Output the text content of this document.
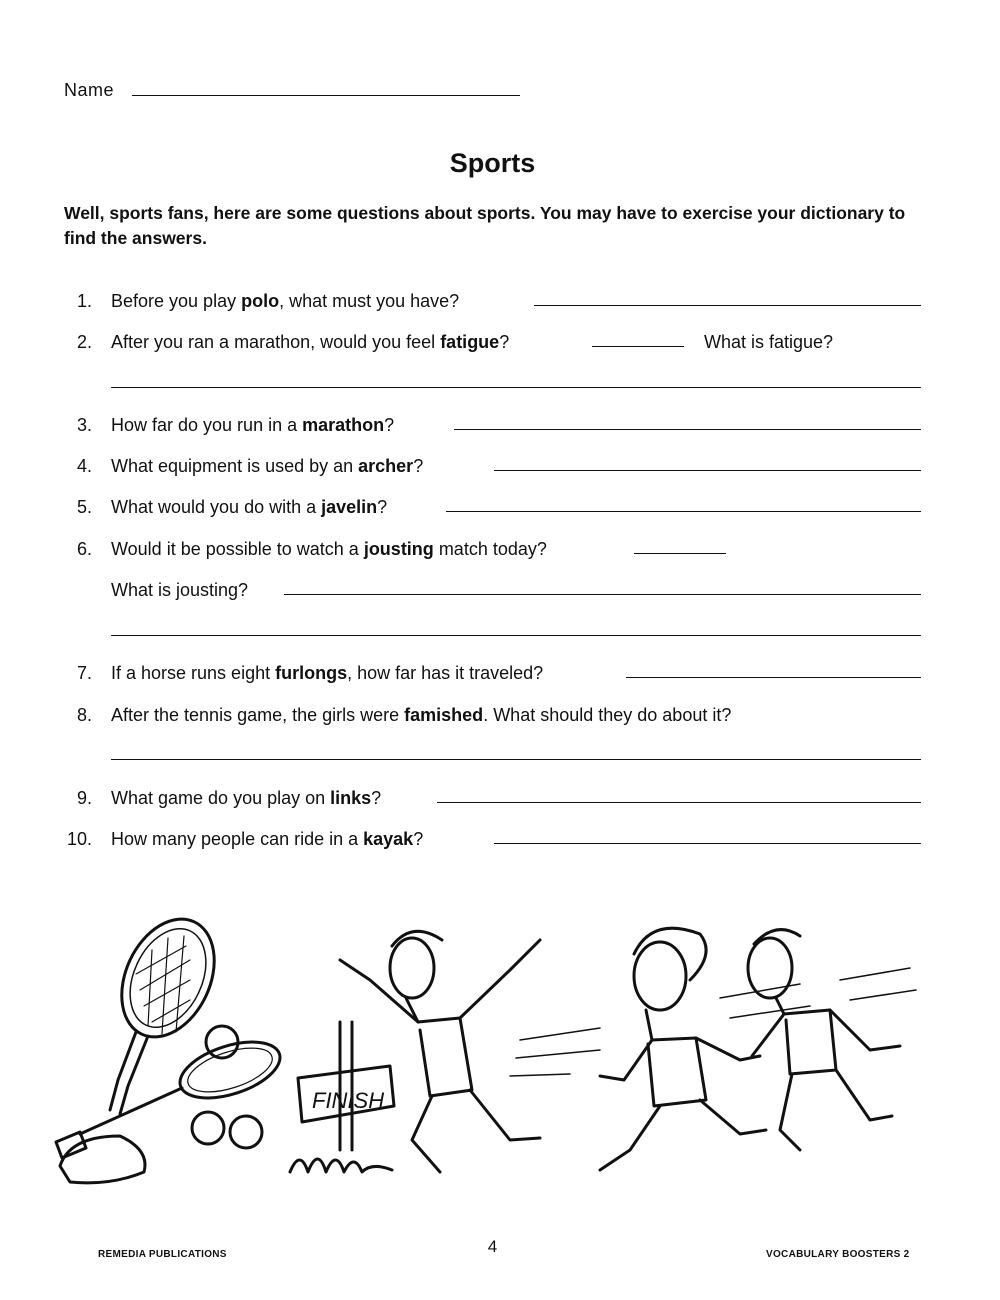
Name
Sports
Well, sports fans, here are some questions about sports. You may have to exercise your dictionary to find the answers.
1. Before you play polo, what must you have?
2. After you ran a marathon, would you feel fatigue?	What is fatigue?
3. How far do you run in a marathon?
4. What equipment is used by an archer?
5. What would you do with a javelin?
6. Would it be possible to watch a jousting match today?
What is jousting?
7. If a horse runs eight furlongs, how far has it traveled?
8. After the tennis game, the girls were famished. What should they do about it?
9. What game do you play on links?
10. How many people can ride in a kayak?
FINISH
REMEDIA PUBLICATIONS	4	VOCABULARY BOOSTERS 2
